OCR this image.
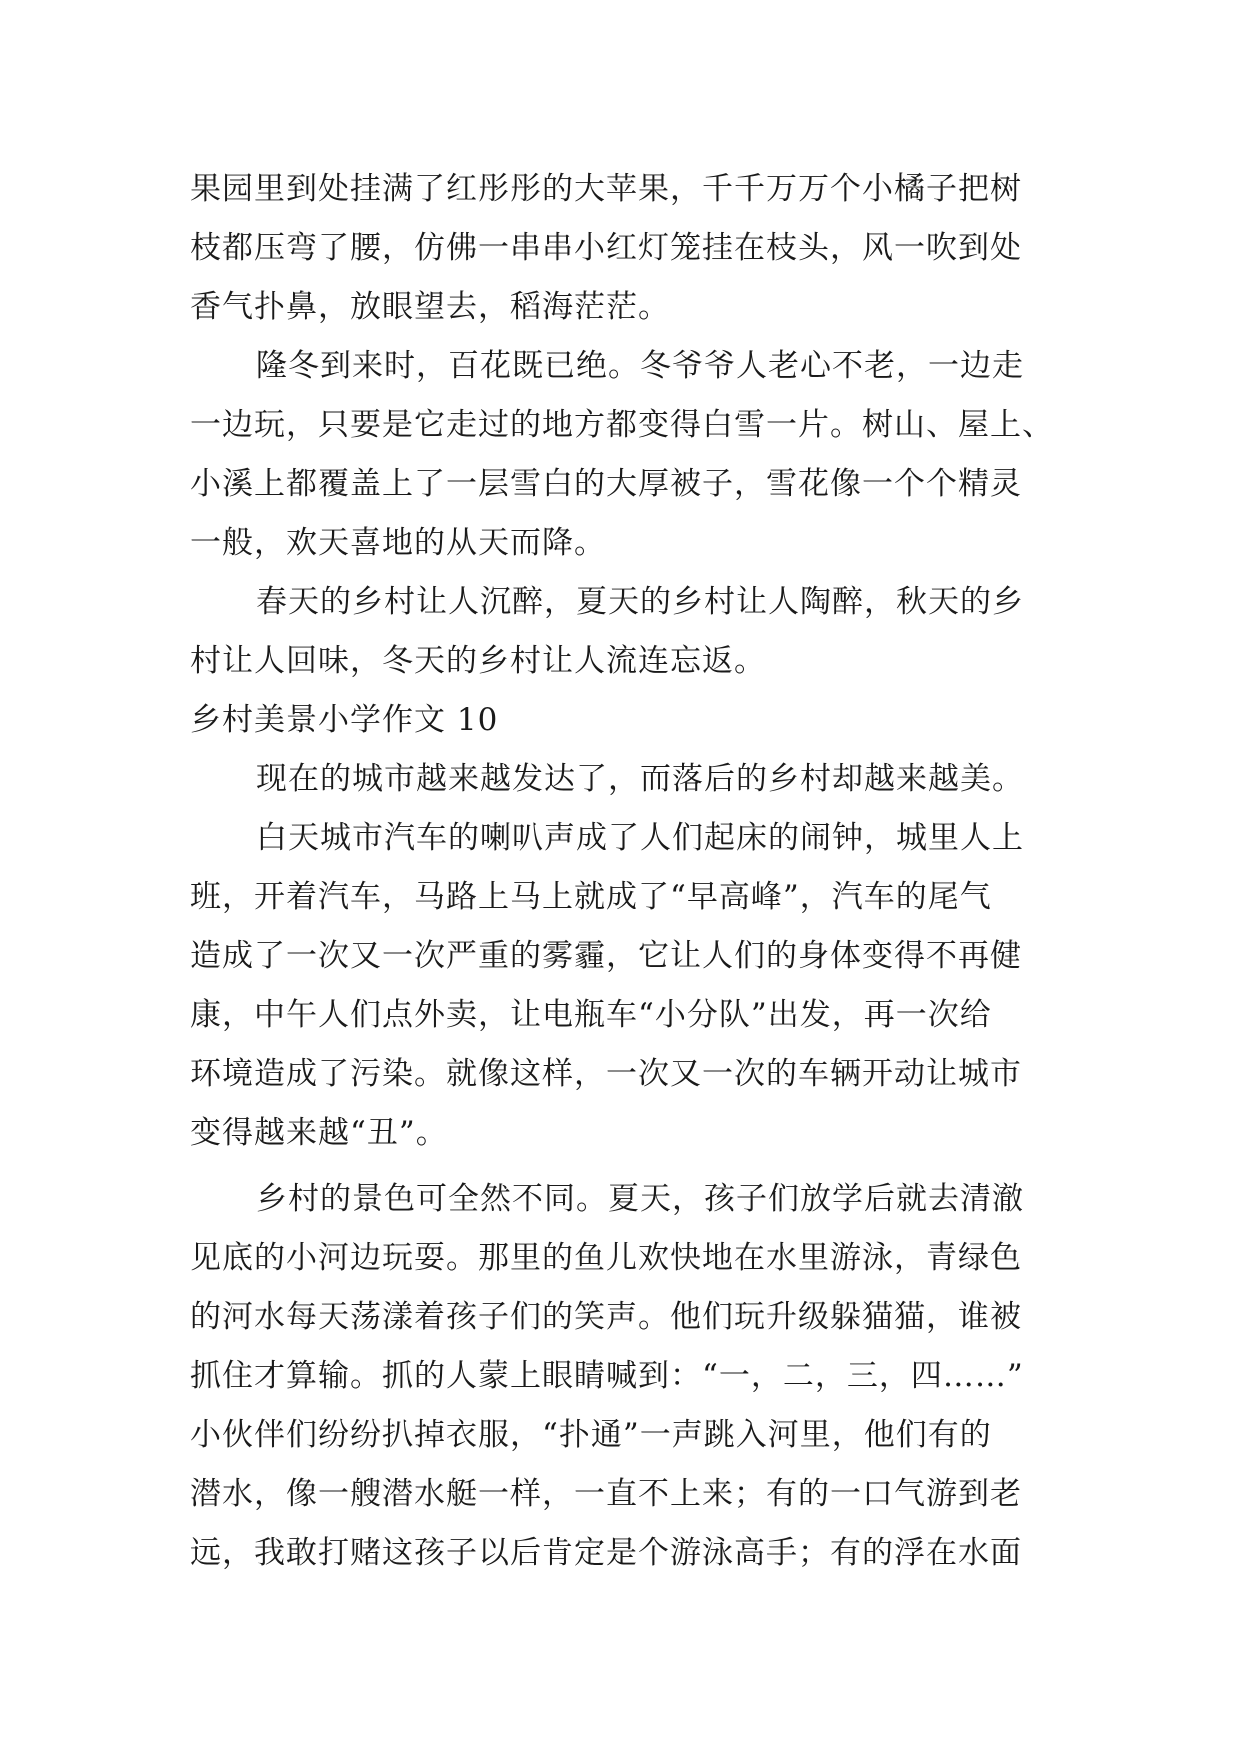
果园里到处挂满了红彤彤的大苹果，千千万万个小橘子把树
枝都压弯了腰，仿佛一串串小红灯笼挂在枝头，风一吹到处
香气扑鼻，放眼望去，稻海茫茫。
隆冬到来时，百花既已绝。冬爷爷人老心不老，一边走
一边玩，只要是它走过的地方都变得白雪一片。树山、屋上、
小溪上都覆盖上了一层雪白的大厚被子，雪花像一个个精灵
一般，欢天喜地的从天而降。
春天的乡村让人沉醉，夏天的乡村让人陶醉，秋天的乡
村让人回味，冬天的乡村让人流连忘返。
乡村美景小学作文 10
现在的城市越来越发达了，而落后的乡村却越来越美。
白天城市汽车的喇叭声成了人们起床的闹钟，城里人上
班，开着汽车，马路上马上就成了“早高峰”，汽车的尾气
造成了一次又一次严重的雾霾，它让人们的身体变得不再健
康，中午人们点外卖，让电瓶车“小分队”出发，再一次给
环境造成了污染。就像这样，一次又一次的车辆开动让城市
变得越来越“丑”。
乡村的景色可全然不同。夏天，孩子们放学后就去清澈
见底的小河边玩耍。那里的鱼儿欢快地在水里游泳，青绿色
的河水每天荡漾着孩子们的笑声。他们玩升级躲猫猫，谁被
抓住才算输。抓的人蒙上眼睛喊到：“一，二，三，四……”
小伙伴们纷纷扒掉衣服，“扑通”一声跳入河里，他们有的
潜水，像一艘潜水艇一样，一直不上来；有的一口气游到老
远，我敢打赌这孩子以后肯定是个游泳高手；有的浮在水面
